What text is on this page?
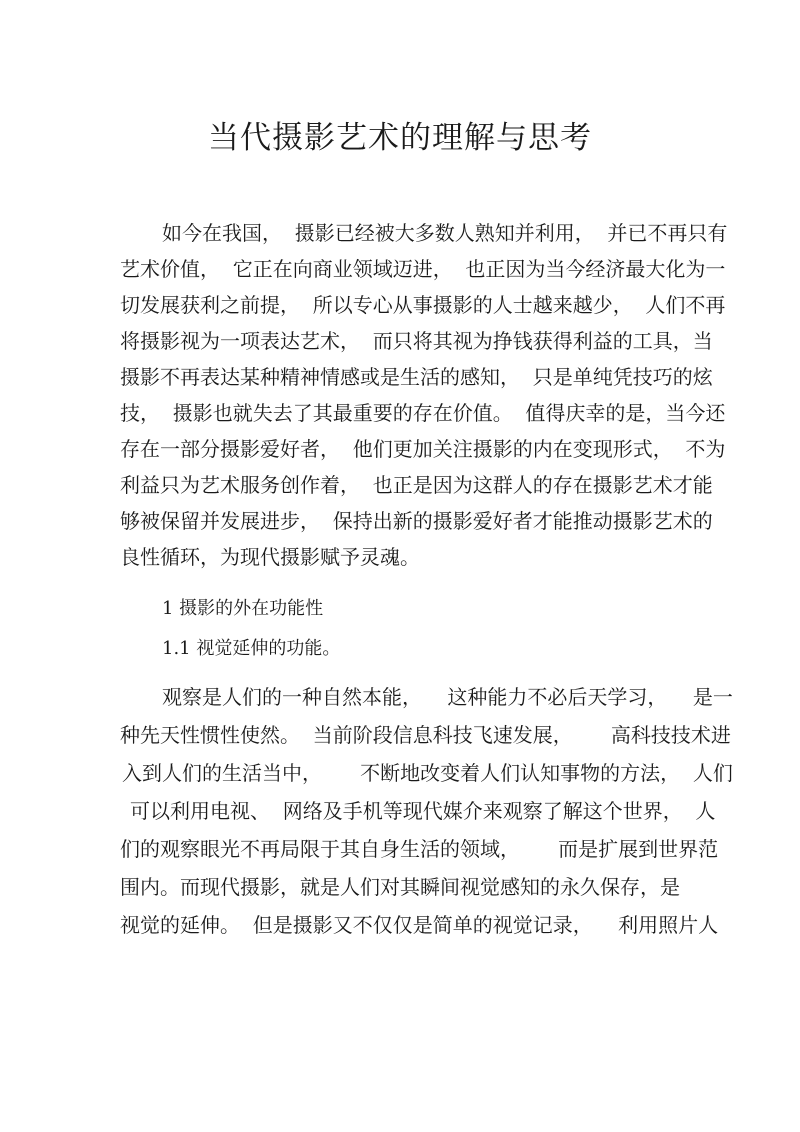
当代摄影艺术的理解与思考
如今在我国，  摄影已经被大多数人熟知并利用，  并已不再只有
艺术价值，  它正在向商业领域迈进，  也正因为当今经济最大化为一
切发展获利之前提，  所以专心从事摄影的人士越来越少，  人们不再
将摄影视为一项表达艺术，  而只将其视为挣钱获得利益的工具，当
摄影不再表达某种精神情感或是生活的感知，  只是单纯凭技巧的炫
技，  摄影也就失去了其最重要的存在价值。  值得庆幸的是，当今还
存在一部分摄影爱好者，  他们更加关注摄影的内在变现形式，  不为
利益只为艺术服务创作着，  也正是因为这群人的存在摄影艺术才能
够被保留并发展进步，  保持出新的摄影爱好者才能推动摄影艺术的
良性循环，为现代摄影赋予灵魂。
1 摄影的外在功能性
1.1 视觉延伸的功能。
观察是人们的一种自然本能，    这种能力不必后天学习，    是一
种先天性惯性使然。  当前阶段信息科技飞速发展，      高科技技术进
入到人们的生活当中，      不断地改变着人们认知事物的方法，  人们
可以利用电视、  网络及手机等现代媒介来观察了解这个世界，  人
们的观察眼光不再局限于其自身生活的领域，      而是扩展到世界范
围内。而现代摄影，就是人们对其瞬间视觉感知的永久保存，是
视觉的延伸。  但是摄影又不仅仅是简单的视觉记录，    利用照片人
